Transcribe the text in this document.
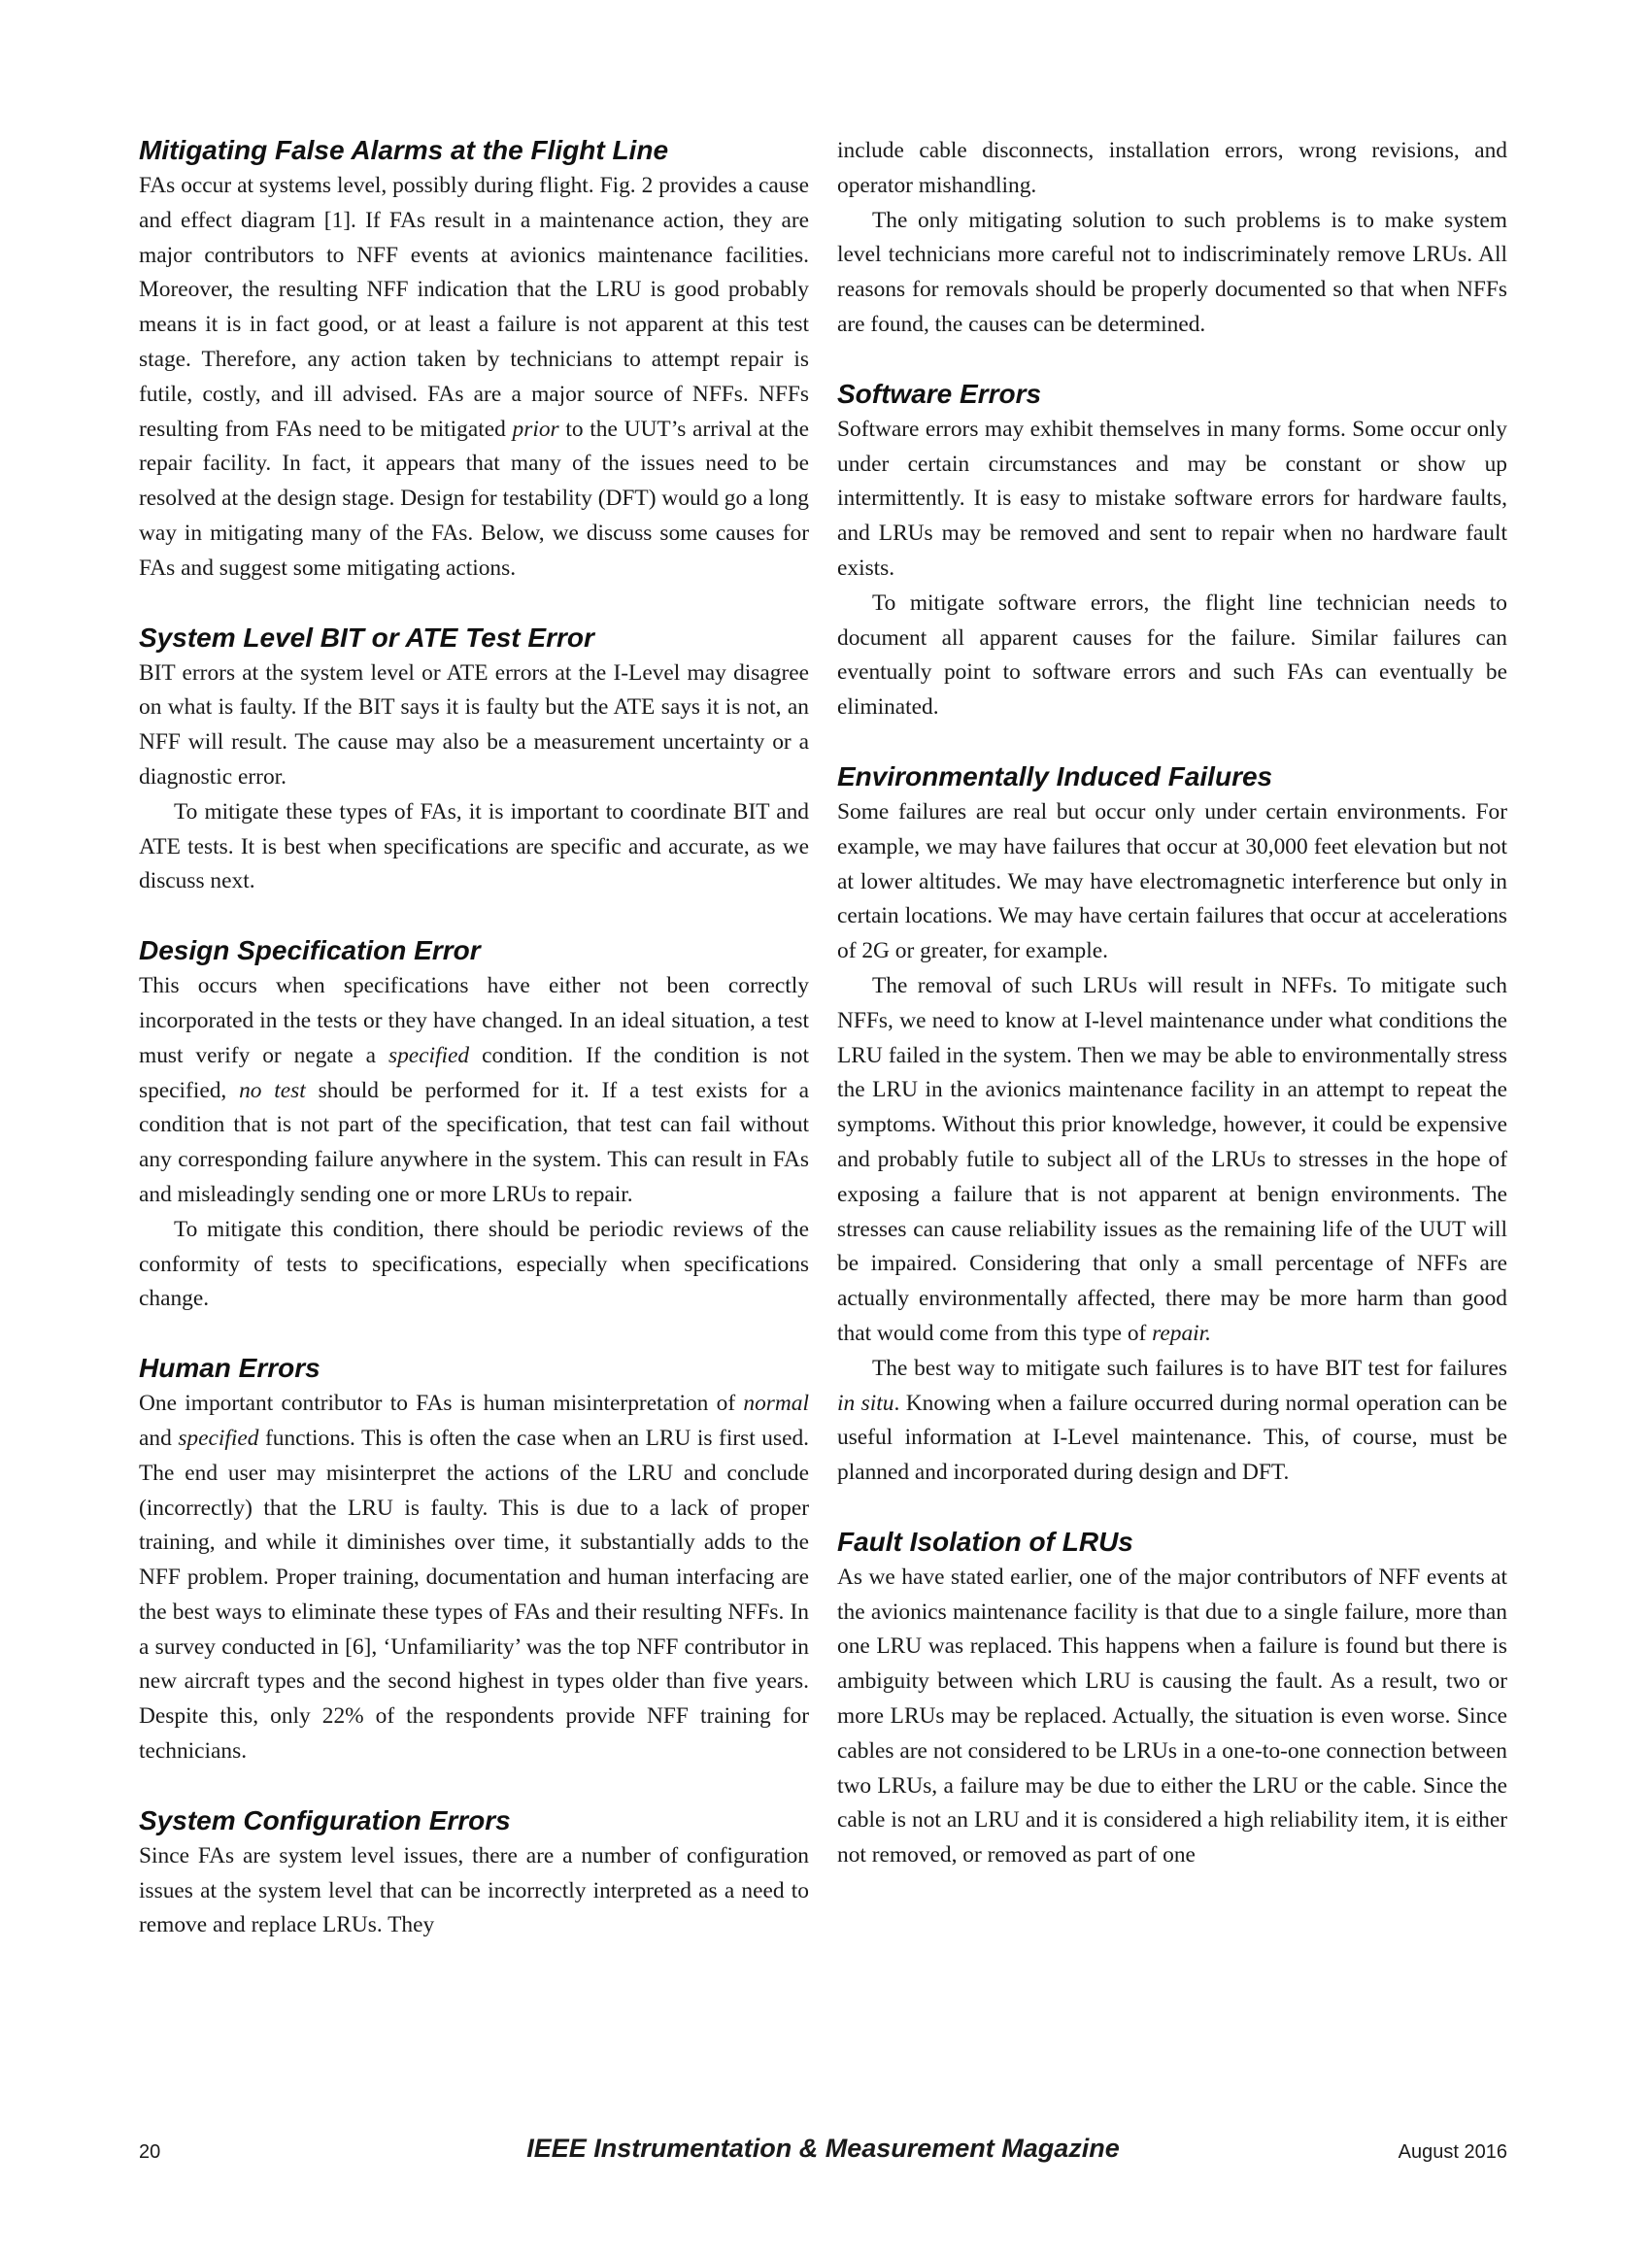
Mitigating False Alarms at the Flight Line

FAs occur at systems level, possibly during flight. Fig. 2 provides a cause and effect diagram [1]. If FAs result in a maintenance action, they are major contributors to NFF events at avionics maintenance facilities. Moreover, the resulting NFF indication that the LRU is good probably means it is in fact good, or at least a failure is not apparent at this test stage. Therefore, any action taken by technicians to attempt repair is futile, costly, and ill advised. FAs are a major source of NFFs. NFFs resulting from FAs need to be mitigated prior to the UUT’s arrival at the repair facility. In fact, it appears that many of the issues need to be resolved at the design stage. Design for testability (DFT) would go a long way in mitigating many of the FAs. Below, we discuss some causes for FAs and suggest some mitigating actions.

System Level BIT or ATE Test Error

BIT errors at the system level or ATE errors at the I-Level may disagree on what is faulty. If the BIT says it is faulty but the ATE says it is not, an NFF will result. The cause may also be a measurement uncertainty or a diagnostic error.

To mitigate these types of FAs, it is important to coordinate BIT and ATE tests. It is best when specifications are specific and accurate, as we discuss next.

Design Specification Error

This occurs when specifications have either not been correctly incorporated in the tests or they have changed. In an ideal situation, a test must verify or negate a specified condition. If the condition is not specified, no test should be performed for it. If a test exists for a condition that is not part of the specification, that test can fail without any corresponding failure anywhere in the system. This can result in FAs and misleadingly sending one or more LRUs to repair.

To mitigate this condition, there should be periodic reviews of the conformity of tests to specifications, especially when specifications change.

Human Errors

One important contributor to FAs is human misinterpretation of normal and specified functions. This is often the case when an LRU is first used. The end user may misinterpret the actions of the LRU and conclude (incorrectly) that the LRU is faulty. This is due to a lack of proper training, and while it diminishes over time, it substantially adds to the NFF problem. Proper training, documentation and human interfacing are the best ways to eliminate these types of FAs and their resulting NFFs. In a survey conducted in [6], ‘Unfamiliarity’ was the top NFF contributor in new aircraft types and the second highest in types older than five years. Despite this, only 22% of the respondents provide NFF training for technicians.

System Configuration Errors

Since FAs are system level issues, there are a number of configuration issues at the system level that can be incorrectly interpreted as a need to remove and replace LRUs. They

include cable disconnects, installation errors, wrong revisions, and operator mishandling.

The only mitigating solution to such problems is to make system level technicians more careful not to indiscriminately remove LRUs. All reasons for removals should be properly documented so that when NFFs are found, the causes can be determined.

Software Errors

Software errors may exhibit themselves in many forms. Some occur only under certain circumstances and may be constant or show up intermittently. It is easy to mistake software errors for hardware faults, and LRUs may be removed and sent to repair when no hardware fault exists.

To mitigate software errors, the flight line technician needs to document all apparent causes for the failure. Similar failures can eventually point to software errors and such FAs can eventually be eliminated.

Environmentally Induced Failures

Some failures are real but occur only under certain environments. For example, we may have failures that occur at 30,000 feet elevation but not at lower altitudes. We may have electromagnetic interference but only in certain locations. We may have certain failures that occur at accelerations of 2G or greater, for example.

The removal of such LRUs will result in NFFs. To mitigate such NFFs, we need to know at I-level maintenance under what conditions the LRU failed in the system. Then we may be able to environmentally stress the LRU in the avionics maintenance facility in an attempt to repeat the symptoms. Without this prior knowledge, however, it could be expensive and probably futile to subject all of the LRUs to stresses in the hope of exposing a failure that is not apparent at benign environments. The stresses can cause reliability issues as the remaining life of the UUT will be impaired. Considering that only a small percentage of NFFs are actually environmentally affected, there may be more harm than good that would come from this type of repair.

The best way to mitigate such failures is to have BIT test for failures in situ. Knowing when a failure occurred during normal operation can be useful information at I-Level maintenance. This, of course, must be planned and incorporated during design and DFT.

Fault Isolation of LRUs

As we have stated earlier, one of the major contributors of NFF events at the avionics maintenance facility is that due to a single failure, more than one LRU was replaced. This happens when a failure is found but there is ambiguity between which LRU is causing the fault. As a result, two or more LRUs may be replaced. Actually, the situation is even worse. Since cables are not considered to be LRUs in a one-to-one connection between two LRUs, a failure may be due to either the LRU or the cable. Since the cable is not an LRU and it is considered a high reliability item, it is either not removed, or removed as part of one

20	IEEE Instrumentation & Measurement Magazine	August 2016
